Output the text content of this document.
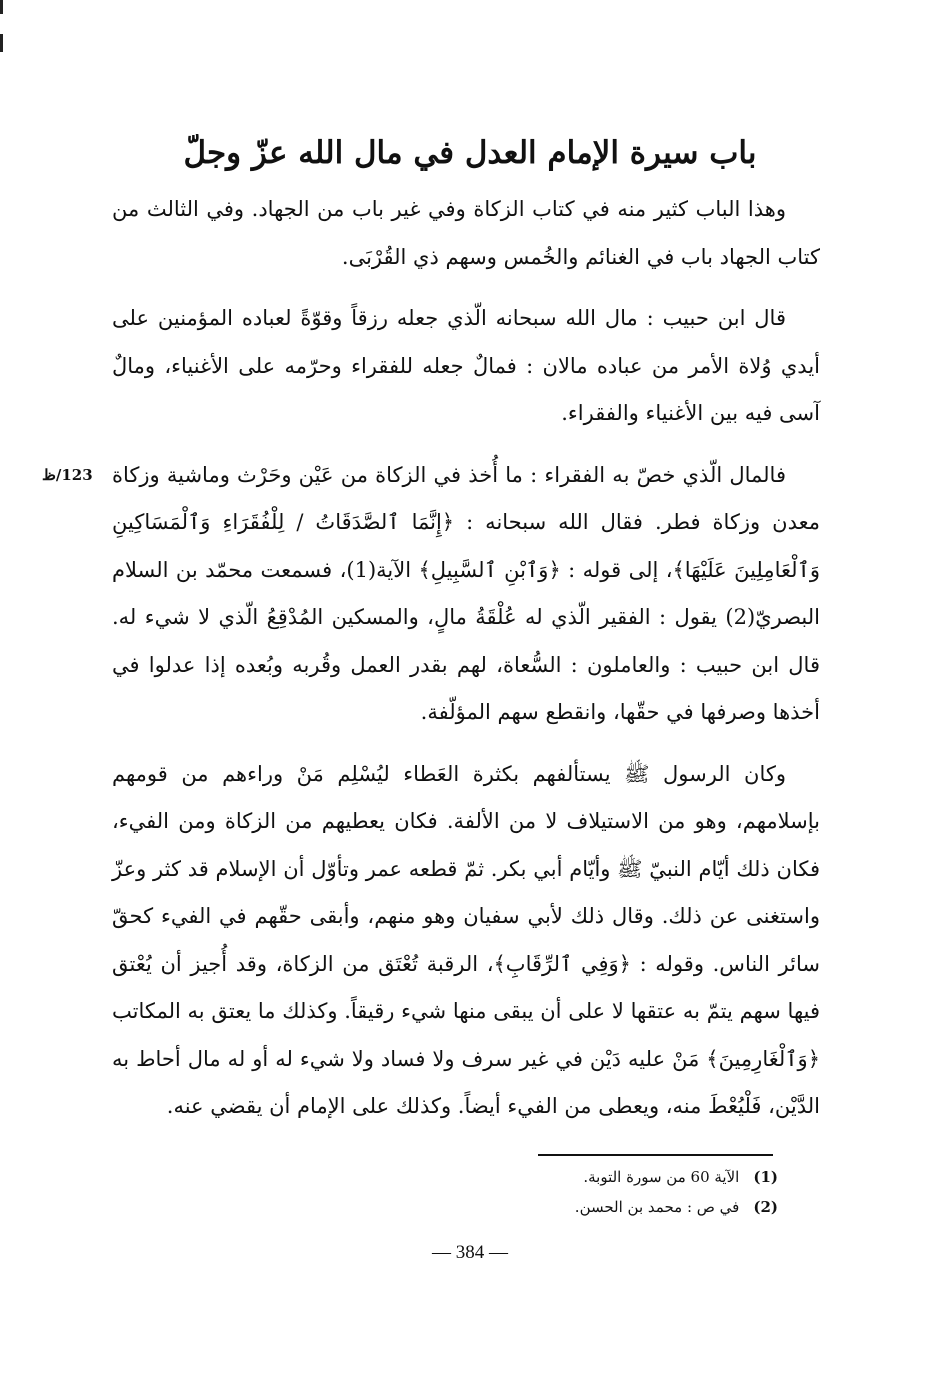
باب سيرة الإمام العدل في مال الله عزّ وجلّ

وهذا الباب كثير منه في كتاب الزكاة وفي غير باب من الجهاد. وفي الثالث من كتاب الجهاد باب في الغنائم والخُمس وسهم ذي القُرْبَى.

قال ابن حبيب : مال الله سبحانه الّذي جعله رزقاً وقوّةً لعباده المؤمنين على أيدي وُلاة الأمر من عباده مالان : فمالٌ جعله للفقراء وحرّمه على الأغنياء، ومالٌ آسى فيه بين الأغنياء والفقراء.

فالمال الّذي خصّ به الفقراء : ما أُخذ في الزكاة من عَيْن وحَرْث وماشية وزكاة معدن وزكاة فطر. فقال الله سبحانه : ﴿إِنَّمَا ٱلصَّدَقَاتُ / لِلْفُقَرَاءِ وَٱلْمَسَاكِينِ وَٱلْعَامِلِينَ عَلَيْهَا﴾، إلى قوله : ﴿وَٱبْنِ ٱلسَّبِيلِ﴾ الآية(1)، فسمعت محمّد بن السلام البصريّ(2) يقول : الفقير الّذي له عُلْقَةُ مالٍ، والمسكين المُدْقِعُ الّذي لا شيء له. قال ابن حبيب : والعاملون : السُّعاة، لهم بقدر العمل وقُربه وبُعده إذا عدلوا في أخذها وصرفها في حقّها، وانقطع سهم المؤلّفة.

وكان الرسول ﷺ يستألفهم بكثرة العَطاء ليُسْلِم مَنْ وراءهم من قومهم بإسلامهم، وهو من الاستيلاف لا من الألفة. فكان يعطيهم من الزكاة ومن الفيء، فكان ذلك أيّام النبيّ ﷺ وأيّام أبي بكر. ثمّ قطعه عمر وتأوّل أن الإسلام قد كثر وعزّ واستغنى عن ذلك. وقال ذلك لأبي سفيان وهو منهم، وأبقى حقّهم في الفيء كحقّ سائر الناس. وقوله : ﴿وَفِي ٱلرِّقَابِ﴾، الرقبة تُعْتَق من الزكاة، وقد أُجيز أن يُعْتق فيها سهم يتمّ به عتقها لا على أن يبقى منها شيء رقيقاً. وكذلك ما يعتق به المكاتب ﴿وَٱلْغَارِمِينَ﴾ مَنْ عليه دَيْن في غير سرف ولا فساد ولا شيء له أو له مال أحاط به الدَّيْن، فَلْيُعْطَ منه، ويعطى من الفيء أيضاً. وكذلك على الإمام أن يقضي عنه.

123/ظ
(1)
الآية 60 من سورة التوبة.
(2)
في ص : محمد بن الحسن.
— 384 —
